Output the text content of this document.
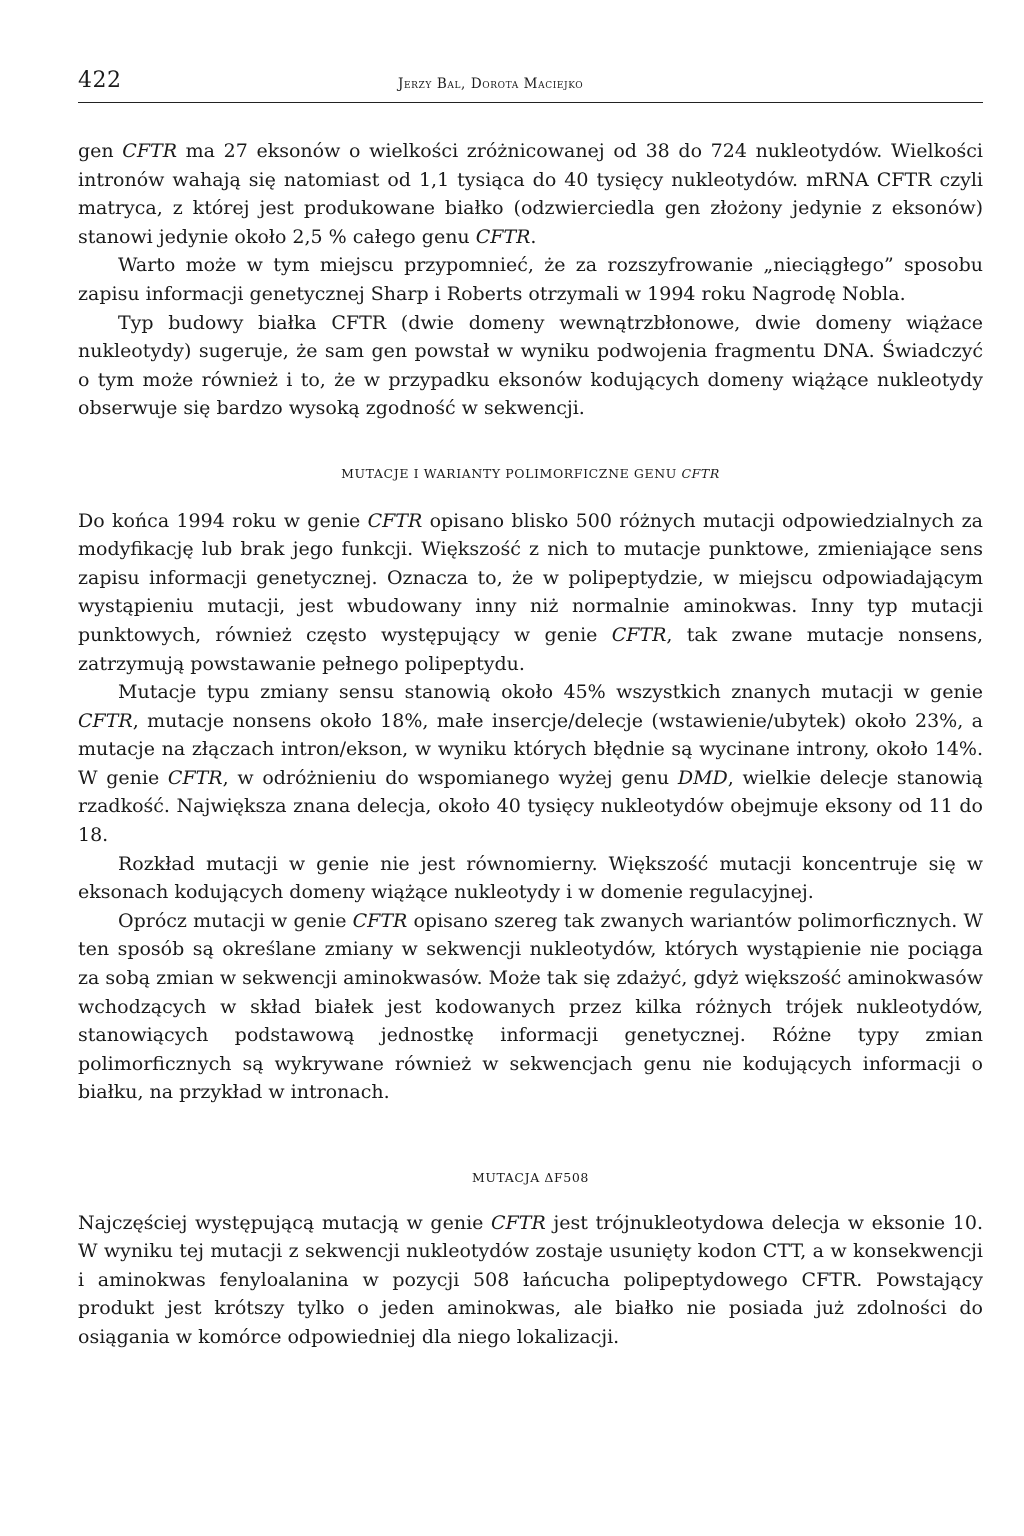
422	Jerzy Bal, Dorota Maciejko

gen CFTR ma 27 eksonów o wielkości zróżnicowanej od 38 do 724 nukleotydów. Wielkości intronów wahają się natomiast od 1,1 tysiąca do 40 tysięcy nukleotydów. mRNA CFTR czyli matryca, z której jest produkowane białko (odzwierciedla gen złożony jedynie z eksonów) stanowi jedynie około 2,5 % całego genu CFTR.

Warto może w tym miejscu przypomnieć, że za rozszyfrowanie „nieciągłego” sposobu zapisu informacji genetycznej Sharp i Roberts otrzymali w 1994 roku Nagrodę Nobla.

Typ budowy białka CFTR (dwie domeny wewnątrzbłonowe, dwie domeny wiążace nukleotydy) sugeruje, że sam gen powstał w wyniku podwojenia fragmentu DNA. Świadczyć o tym może również i to, że w przypadku eksonów kodujących domeny wiążące nukleotydy obserwuje się bardzo wysoką zgodność w sekwencji.

MUTACJE I WARIANTY POLIMORFICZNE GENU CFTR

Do końca 1994 roku w genie CFTR opisano blisko 500 różnych mutacji odpowiedzialnych za modyfikację lub brak jego funkcji. Większość z nich to mutacje punktowe, zmieniające sens zapisu informacji genetycznej. Oznacza to, że w polipeptydzie, w miejscu odpowiadającym wystąpieniu mutacji, jest wbudowany inny niż normalnie aminokwas. Inny typ mutacji punktowych, również często występujący w genie CFTR, tak zwane mutacje nonsens, zatrzymują powstawanie pełnego polipeptydu.

Mutacje typu zmiany sensu stanowią około 45% wszystkich znanych mutacji w genie CFTR, mutacje nonsens około 18%, małe insercje/delecje (wstawienie/ubytek) około 23%, a mutacje na złączach intron/ekson, w wyniku których błędnie są wycinane introny, około 14%. W genie CFTR, w odróżnieniu do wspomianego wyżej genu DMD, wielkie delecje stanowią rzadkość. Największa znana delecja, około 40 tysięcy nukleotydów obejmuje eksony od 11 do 18.

Rozkład mutacji w genie nie jest równomierny. Większość mutacji koncentruje się w eksonach kodujących domeny wiążące nukleotydy i w domenie regulacyjnej.

Oprócz mutacji w genie CFTR opisano szereg tak zwanych wariantów polimorficznych. W ten sposób są określane zmiany w sekwencji nukleotydów, których wystąpienie nie pociąga za sobą zmian w sekwencji aminokwasów. Może tak się zdażyć, gdyż większość aminokwasów wchodzących w skład białek jest kodowanych przez kilka różnych trójek nukleotydów, stanowiących podstawową jednostkę informacji genetycznej. Różne typy zmian polimorficznych są wykrywane również w sekwencjach genu nie kodujących informacji o białku, na przykład w intronach.

MUTACJA ΔF508

Najczęściej występującą mutacją w genie CFTR jest trójnukleotydowa delecja w eksonie 10. W wyniku tej mutacji z sekwencji nukleotydów zostaje usunięty kodon CTT, a w konsekwencji i aminokwas fenyloalanina w pozycji 508 łańcucha polipeptydowego CFTR. Powstający produkt jest krótszy tylko o jeden aminokwas, ale białko nie posiada już zdolności do osiągania w komórce odpowiedniej dla niego lokalizacji.
